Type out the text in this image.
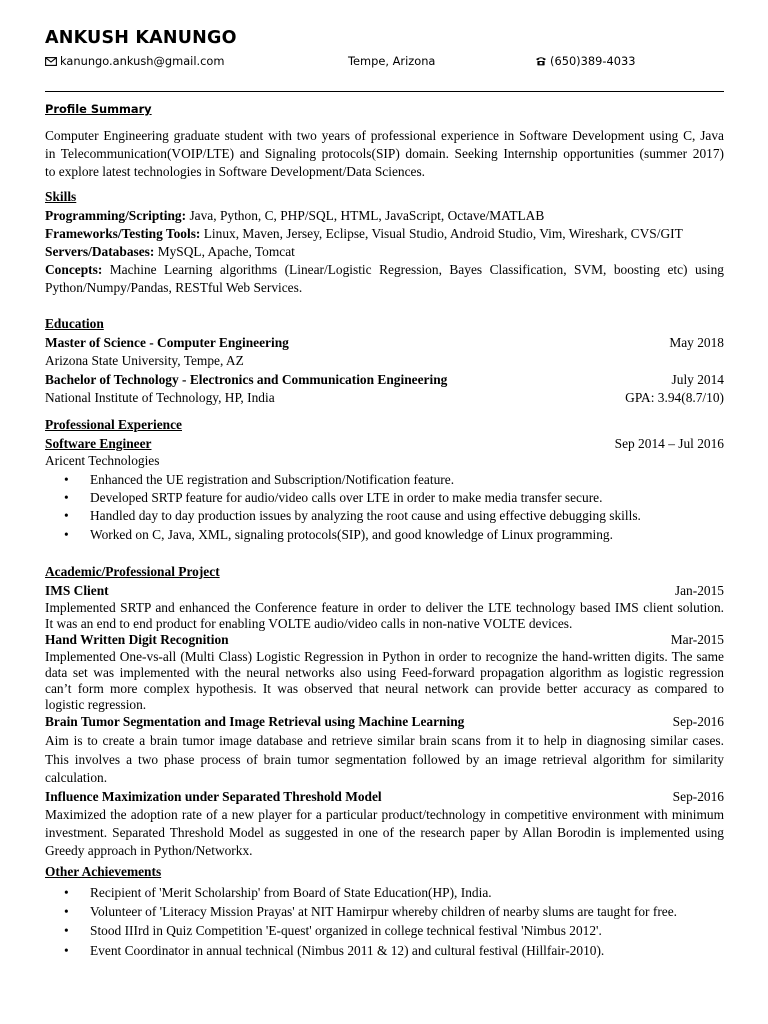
ANKUSH KANUNGO
kanungo.ankush@gmail.com	Tempe, Arizona	(650)389-4033
Profile Summary
Computer Engineering graduate student with two years of professional experience in Software Development using C, Java
in Telecommunication(VOIP/LTE) and Signaling protocols(SIP) domain. Seeking Internship opportunities (summer 2017)
to explore latest technologies in Software Development/Data Sciences.
Skills
Programming/Scripting: Java, Python, C, PHP/SQL, HTML, JavaScript, Octave/MATLAB
Frameworks/Testing Tools: Linux, Maven, Jersey, Eclipse, Visual Studio, Android Studio, Vim, Wireshark, CVS/GIT
Servers/Databases: MySQL, Apache, Tomcat
Concepts: Machine Learning algorithms (Linear/Logistic Regression, Bayes Classification, SVM, boosting etc) using
Python/Numpy/Pandas, RESTful Web Services.
Education
Master of Science - Computer Engineering	May 2018
Arizona State University, Tempe, AZ
Bachelor of Technology - Electronics and Communication Engineering	July 2014
National Institute of Technology, HP, India	GPA: 3.94(8.7/10)
Professional Experience
Software Engineer	Sep 2014 – Jul 2016
Aricent Technologies
• Enhanced the UE registration and Subscription/Notification feature.
• Developed SRTP feature for audio/video calls over LTE in order to make media transfer secure.
• Handled day to day production issues by analyzing the root cause and using effective debugging skills.
• Worked on C, Java, XML, signaling protocols(SIP), and good knowledge of Linux programming.
Academic/Professional Project
IMS Client	Jan-2015
Implemented SRTP and enhanced the Conference feature in order to deliver the LTE technology based IMS client solution.
It was an end to end product for enabling VOLTE audio/video calls in non-native VOLTE devices.
Hand Written Digit Recognition	Mar-2015
Implemented One-vs-all (Multi Class) Logistic Regression in Python in order to recognize the hand-written digits. The same
data set was implemented with the neural networks also using Feed-forward propagation algorithm as logistic regression
can’t form more complex hypothesis. It was observed that neural network can provide better accuracy as compared to
logistic regression.
Brain Tumor Segmentation and Image Retrieval using Machine Learning	Sep-2016
Aim is to create a brain tumor image database and retrieve similar brain scans from it to help in diagnosing similar cases.
This involves a two phase process of brain tumor segmentation followed by an image retrieval algorithm for similarity
calculation.
Influence Maximization under Separated Threshold Model	Sep-2016
Maximized the adoption rate of a new player for a particular product/technology in competitive environment with minimum
investment. Separated Threshold Model as suggested in one of the research paper by Allan Borodin is implemented using
Greedy approach in Python/Networkx.
Other Achievements
• Recipient of 'Merit Scholarship' from Board of State Education(HP), India.
• Volunteer of 'Literacy Mission Prayas' at NIT Hamirpur whereby children of nearby slums are taught for free.
• Stood IIIrd in Quiz Competition 'E-quest' organized in college technical festival 'Nimbus 2012'.
• Event Coordinator in annual technical (Nimbus 2011 & 12) and cultural festival (Hillfair-2010).
